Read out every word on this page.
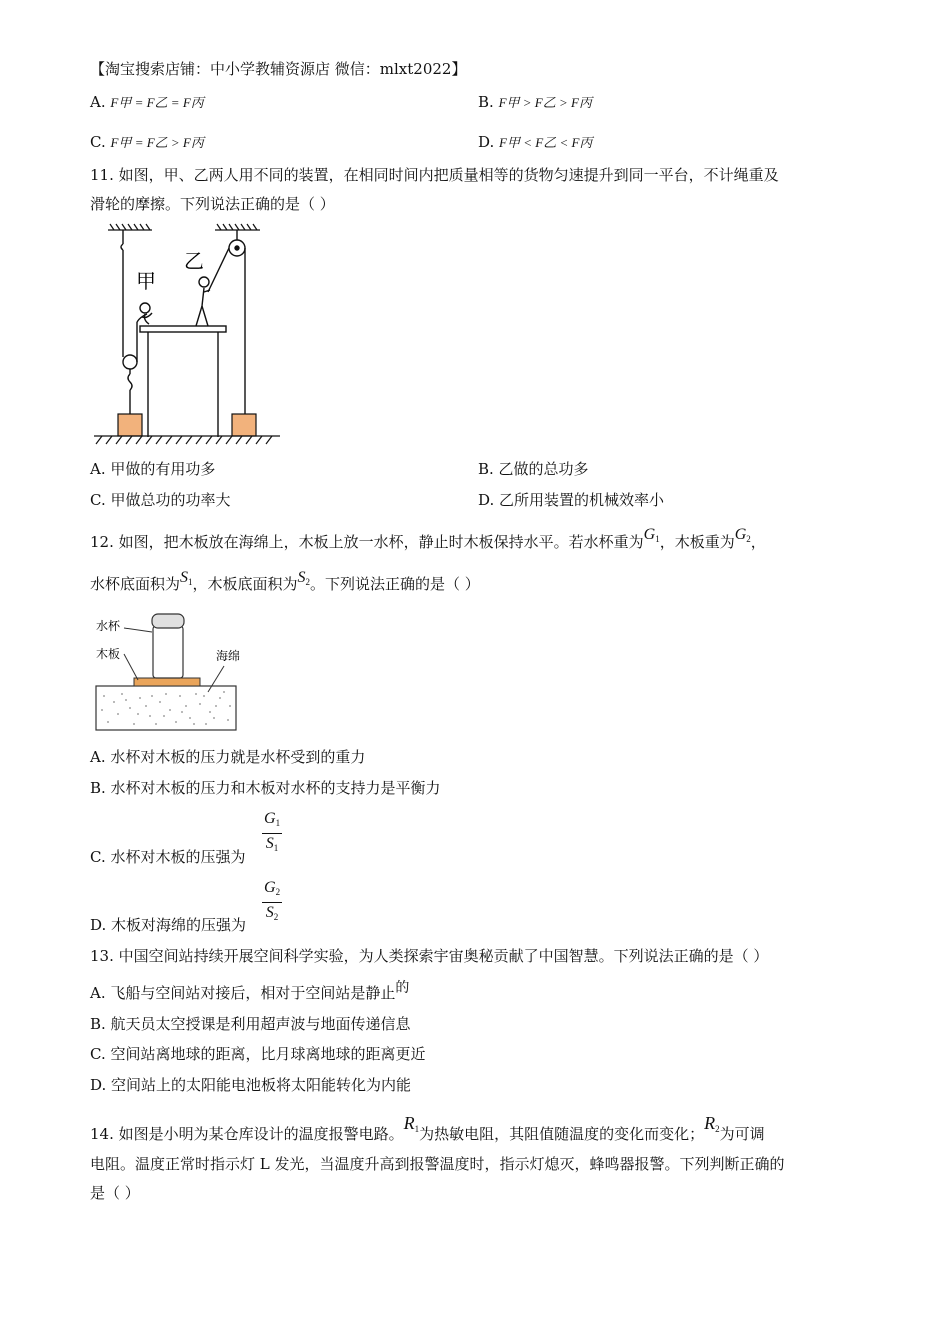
【淘宝搜索店铺：中小学教辅资源店 微信：mlxt2022】
A. F甲 = F乙 = F丙	B. F甲 > F乙 > F丙
C. F甲 = F乙 > F丙	D. F甲 < F乙 < F丙
11. 如图，甲、乙两人用不同的装置，在相同时间内把质量相等的货物匀速提升到同一平台，不计绳重及
滑轮的摩擦。下列说法正确的是（ ）
甲
乙
A. 甲做的有用功多	B. 乙做的总功多
C. 甲做总功的功率大	D. 乙所用装置的机械效率小
12. 如图，把木板放在海绵上，木板上放一水杯，静止时木板保持水平。若水杯重为$G_1$，木板重为$G_2$，
水杯底面积为$S_1$，木板底面积为$S_2$。下列说法正确的是（ ）
水杯
木板	海绵
A. 水杯对木板的压力就是水杯受到的重力
B. 水杯对木板的压力和木板对水杯的支持力是平衡力
C. 水杯对木板的压强为
$G_1$
$S_1$
D. 木板对海绵的压强为
$G_2$
$S_2$
13. 中国空间站持续开展空间科学实验，为人类探索宇宙奥秘贡献了中国智慧。下列说法正确的是（ ）
A. 飞船与空间站对接后，相对于空间站是静止的
B. 航天员太空授课是利用超声波与地面传递信息
C. 空间站离地球的距离，比月球离地球的距离更近
D. 空间站上的太阳能电池板将太阳能转化为内能
14. 如图是小明为某仓库设计的温度报警电路。$R_1$为热敏电阻，其阻值随温度的变化而变化；$R_2$为可调
电阻。温度正常时指示灯 L 发光，当温度升高到报警温度时，指示灯熄灭，蜂鸣器报警。下列判断正确的
是（ ）
